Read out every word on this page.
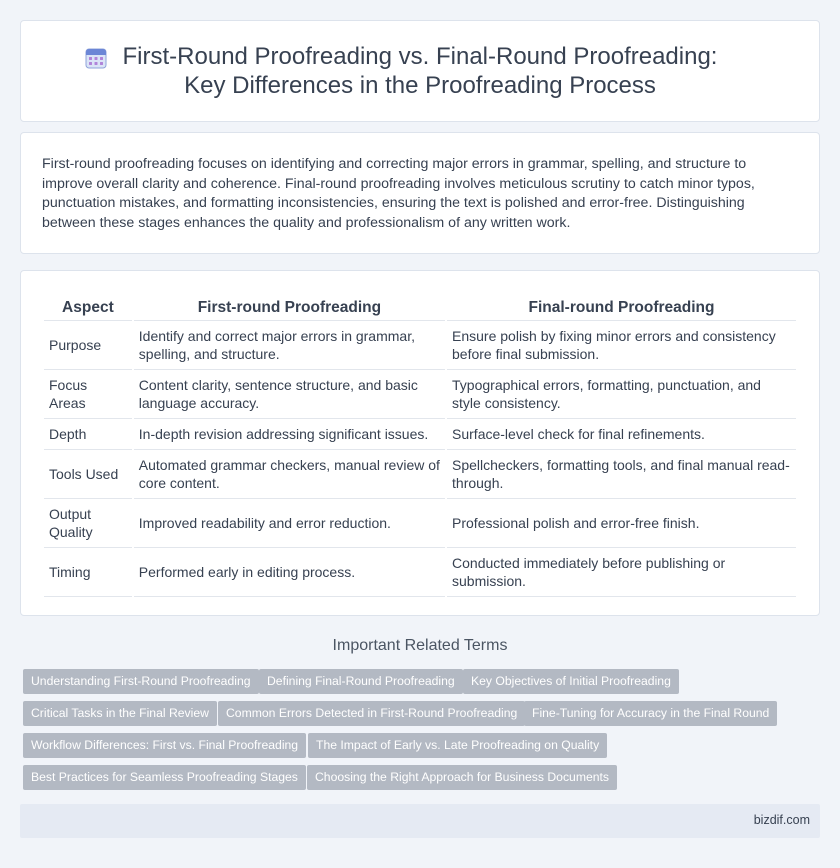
First-Round Proofreading vs. Final-Round Proofreading: Key Differences in the Proofreading Process

First-round proofreading focuses on identifying and correcting major errors in grammar, spelling, and structure to improve overall clarity and coherence. Final-round proofreading involves meticulous scrutiny to catch minor typos, punctuation mistakes, and formatting inconsistencies, ensuring the text is polished and error-free. Distinguishing between these stages enhances the quality and professionalism of any written work.

Aspect	First-round Proofreading	Final-round Proofreading
Purpose	Identify and correct major errors in grammar, spelling, and structure.	Ensure polish by fixing minor errors and consistency before final submission.
Focus Areas	Content clarity, sentence structure, and basic language accuracy.	Typographical errors, formatting, punctuation, and style consistency.
Depth	In-depth revision addressing significant issues.	Surface-level check for final refinements.
Tools Used	Automated grammar checkers, manual review of core content.	Spellcheckers, formatting tools, and final manual read-through.
Output Quality	Improved readability and error reduction.	Professional polish and error-free finish.
Timing	Performed early in editing process.	Conducted immediately before publishing or submission.
Important Related Terms
Understanding First-Round Proofreading	Defining Final-Round Proofreading	Key Objectives of Initial Proofreading
Critical Tasks in the Final Review	Common Errors Detected in First-Round Proofreading	Fine-Tuning for Accuracy in the Final Round
Workflow Differences: First vs. Final Proofreading	The Impact of Early vs. Late Proofreading on Quality
Best Practices for Seamless Proofreading Stages	Choosing the Right Approach for Business Documents
bizdif.com
